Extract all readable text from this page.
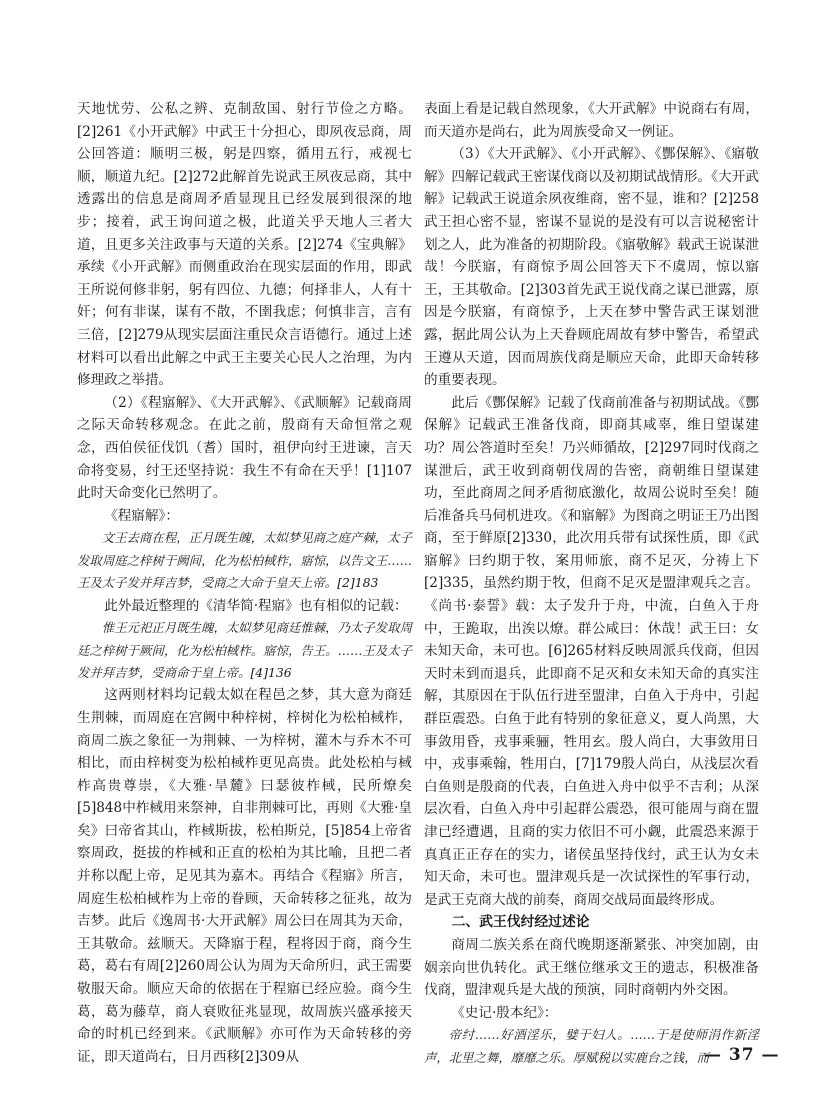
天地忧劳、公私之辨、克制敌国、射行节俭之方略。[2]261《小开武解》中武王十分担心，即夙夜忌商，周公回答道：顺明三极，躬是四察，循用五行，戒视七顺，顺道九纪。[2]272此解首先说武王夙夜忌商，其中透露出的信息是商周矛盾显现且已经发展到很深的地步；接着，武王询问道之极，此道关乎天地人三者大道，且更多关注政事与天道的关系。[2]274《宝典解》承续《小开武解》而侧重政治在现实层面的作用，即武王所说何修非躬，躬有四位、九德；何择非人，人有十奸；何有非谋，谋有不散，不圉我虑；何慎非言，言有三倍，[2]279从现实层面注重民众言语德行。通过上述材料可以看出此解之中武王主要关心民人之治理，为内修理政之举措。

（2）《程寤解》、《大开武解》、《武顺解》记载商周之际天命转移观念。在此之前，殷商有天命恒常之观念，西伯侯征伐饥（耆）国时，祖伊向纣王进谏，言天命将变易，纣王还坚持说：我生不有命在天乎！[1]107此时天命变化已然明了。

《程寤解》：

文王去商在程，正月既生魄，太姒梦见商之庭产棘，太子发取周庭之梓树于阙间，化为松柏棫柞，寤惊，以告文王……王及太子发并拜吉梦，受商之大命于皇天上帝。[2]183

此外最近整理的《清华简·程寤》也有相似的记载：

惟王元祀正月既生魄，太姒梦见商廷惟棘，乃太子发取周廷之梓树于厥间，化为松柏棫柞。寤惊，告王。……王及太子发并拜吉梦，受商命于皇上帝。[4]136

这两则材料均记载太姒在程邑之梦，其大意为商廷生荆棘，而周庭在宫阙中种梓树，梓树化为松柏棫柞，商周二族之象征一为荆棘、一为梓树，灌木与乔木不可相比，而由梓树变为松柏棫柞更见高贵。此处松柏与棫柞高贵尊崇，《大雅·旱麓》曰瑟彼柞棫，民所燎矣[5]848中柞棫用来祭神，自非荆棘可比，再则《大雅·皇矣》曰帝省其山，柞棫斯拔，松柏斯兑，[5]854上帝省察周政，挺拔的柞棫和正直的松柏为其比喻，且把二者并称以配上帝，足见其为嘉木。再结合《程寤》所言，周庭生松柏棫柞为上帝的眷顾，天命转移之征兆，故为吉梦。此后《逸周书·大开武解》周公曰在周其为天命，王其敬命。兹顺天。天降寤于程，程将因于商，商今生葛，葛右有周[2]260周公认为周为天命所归，武王需要敬服天命。顺应天命的依据在于程寤已经应验。商今生葛，葛为藤草，商人衰败征兆显现，故周族兴盛承接天命的时机已经到来。《武顺解》亦可作为天命转移的旁证，即天道尚右，日月西移[2]309从

表面上看是记载自然现象，《大开武解》中说商右有周，而天道亦是尚右，此为周族受命又一例证。

（3）《大开武解》、《小开武解》、《酆保解》、《寤敬解》四解记载武王密谋伐商以及初期试战情形。《大开武解》记载武王说道余夙夜维商，密不显，谁和？[2]258武王担心密不显，密谋不显说的是没有可以言说秘密计划之人，此为准备的初期阶段。《寤敬解》载武王说谋泄哉！今朕寤，有商惊予周公回答天下不虞周，惊以寤王，王其敬命。[2]303首先武王说伐商之谋已泄露，原因是今朕寤，有商惊予，上天在梦中警告武王谋划泄露，据此周公认为上天眷顾庇周故有梦中警告，希望武王遵从天道，因而周族伐商是顺应天命，此即天命转移的重要表现。

此后《酆保解》记载了伐商前准备与初期试战。《酆保解》记载武王准备伐商，即商其咸辜，维日望谋建功？周公答道时至矣！乃兴师循故，[2]297同时伐商之谋泄后，武王收到商朝伐周的告密，商朝维日望谋建功，至此商周之间矛盾彻底激化，故周公说时至矣！随后准备兵马伺机进攻。《和寤解》为图商之明证王乃出图商，至于鲜原[2]330，此次用兵带有试探性质，即《武寤解》曰约期于牧，案用师旅，商不足灭，分祷上下[2]335，虽然约期于牧，但商不足灭是盟津观兵之言。《尚书·泰誓》载：太子发升于舟，中流，白鱼入于舟中，王跪取，出涘以燎。群公咸曰：休哉！武王曰：女未知天命，未可也。[6]265材料反映周派兵伐商，但因天时未到而退兵，此即商不足灭和女未知天命的真实注解，其原因在于队伍行进至盟津，白鱼入于舟中，引起群臣震恐。白鱼于此有特别的象征意义，夏人尚黑，大事敛用昏，戎事乘骊，牲用玄。殷人尚白，大事敛用日中，戎事乘翰，牲用白，[7]179殷人尚白，从浅层次看白鱼则是殷商的代表，白鱼进入舟中似乎不吉利；从深层次看，白鱼入舟中引起群公震恐，很可能周与商在盟津已经遭遇，且商的实力依旧不可小觑，此震恐来源于真真正正存在的实力，诸侯虽坚持伐纣，武王认为女未知天命，未可也。盟津观兵是一次试探性的军事行动，是武王克商大战的前奏，商周交战局面最终形成。

二、武王伐纣经过述论

商周二族关系在商代晚期逐渐紧张、冲突加剧，由姻亲向世仇转化。武王继位继承文王的遗志，积极准备伐商，盟津观兵是大战的预演，同时商朝内外交困。

《史记·殷本纪》：

帝纣……好酒淫乐，嬖于妇人。……于是使师涓作新淫声，北里之舞，靡靡之乐。厚赋税以实鹿台之钱，而

— 37 —
